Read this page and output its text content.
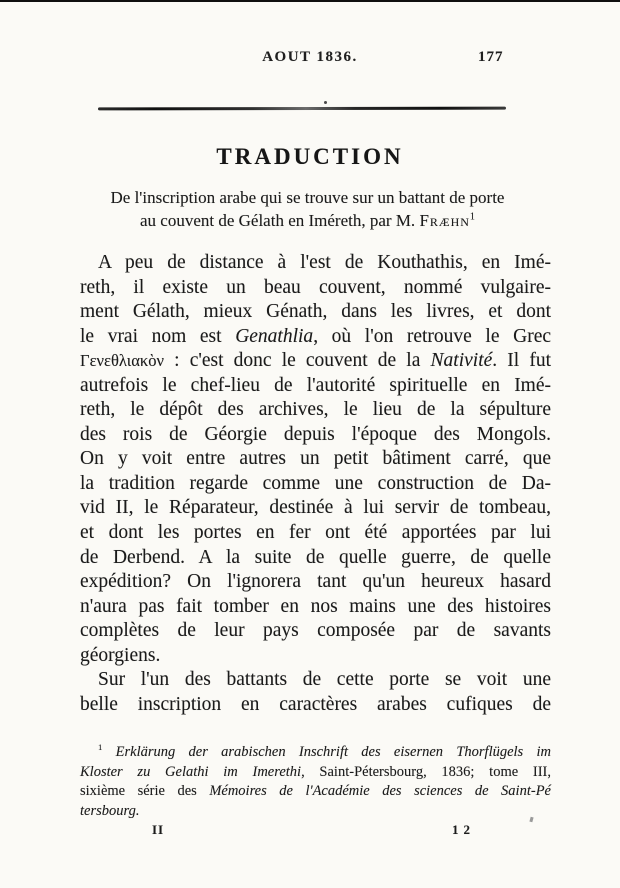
AOUT 1836.	177
TRADUCTION
De l'inscription arabe qui se trouve sur un battant de porte
au couvent de Gélath en Iméreth, par M. Fræhn$^1$
A peu de distance à l'est de Kouthathis, en Imé-
reth, il existe un beau couvent, nommé vulgaire-
ment Gélath, mieux Génath, dans les livres, et dont
le vrai nom est Genathlia, où l'on retrouve le Grec
Γενεθλιακὸν : c'est donc le couvent de la Nativité. Il fut
autrefois le chef-lieu de l'autorité spirituelle en Imé-
reth, le dépôt des archives, le lieu de la sépulture
des rois de Géorgie depuis l'époque des Mongols.
On y voit entre autres un petit bâtiment carré, que
la tradition regarde comme une construction de Da-
vid II, le Réparateur, destinée à lui servir de tombeau,
et dont les portes en fer ont été apportées par lui
de Derbend. A la suite de quelle guerre, de quelle
expédition? On l'ignorera tant qu'un heureux hasard
n'aura pas fait tomber en nos mains une des histoires
complètes de leur pays composée par de savants
géorgiens.
Sur l'un des battants de cette porte se voit une
belle inscription en caractères arabes cufiques de
$^1$ Erklärung der arabischen Inschrift des eisernen Thorflügels im
Kloster zu Gelathi im Imerethi, Saint-Pétersbourg, 1836; tome III,
sixième série des Mémoires de l'Académie des sciences de Saint-Pé
tersbourg.
II	12
